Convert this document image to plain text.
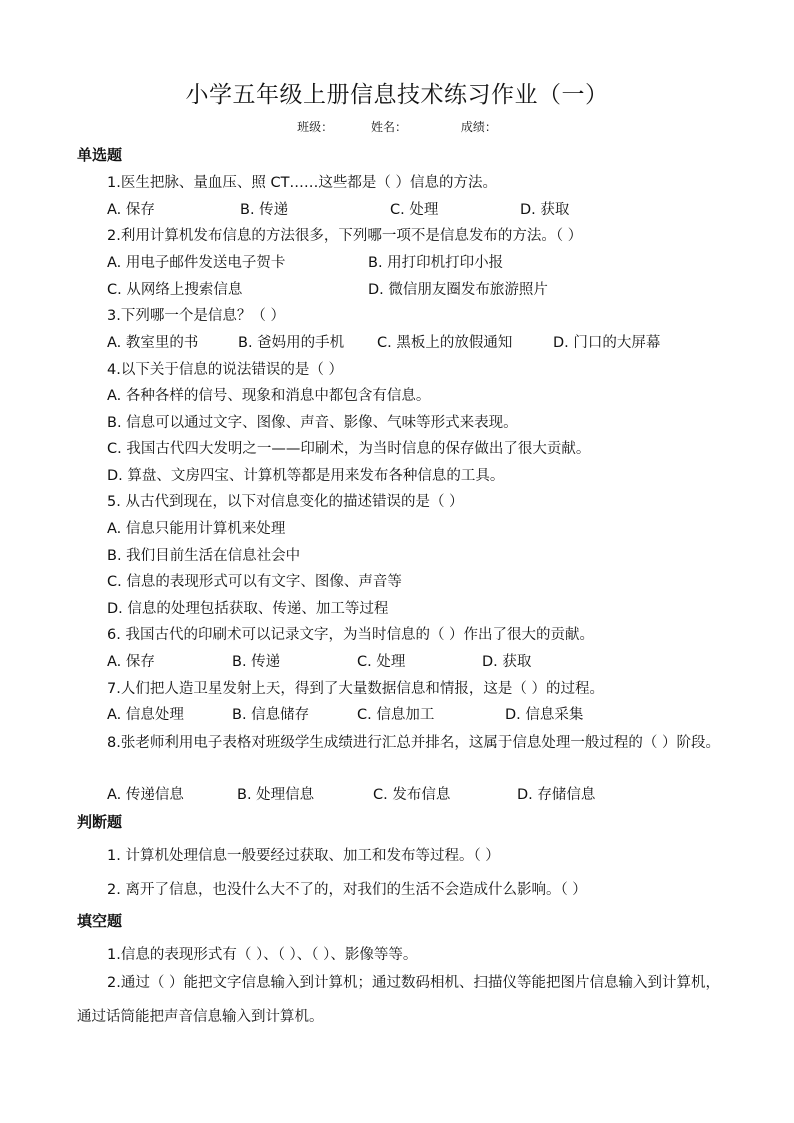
小学五年级上册信息技术练习作业（一）
班级：	姓名：	成绩：
单选题
1.医生把脉、量血压、照 CT……这些都是（ ）信息的方法。
A. 保存	B. 传递	C. 处理	D. 获取
2.利用计算机发布信息的方法很多，下列哪一项不是信息发布的方法。（ ）
A. 用电子邮件发送电子贺卡	B. 用打印机打印小报
C. 从网络上搜索信息	D. 微信朋友圈发布旅游照片
3.下列哪一个是信息？（ ）
A. 教室里的书	B. 爸妈用的手机 C. 黑板上的放假通知	D. 门口的大屏幕
4.以下关于信息的说法错误的是（ ）
A. 各种各样的信号、现象和消息中都包含有信息。
B. 信息可以通过文字、图像、声音、影像、气味等形式来表现。
C. 我国古代四大发明之一——印刷术，为当时信息的保存做出了很大贡献。
D. 算盘、文房四宝、计算机等都是用来发布各种信息的工具。
5. 从古代到现在，以下对信息变化的描述错误的是（ ）
A. 信息只能用计算机来处理
B. 我们目前生活在信息社会中
C. 信息的表现形式可以有文字、图像、声音等
D. 信息的处理包括获取、传递、加工等过程
6. 我国古代的印刷术可以记录文字，为当时信息的（ ）作出了很大的贡献。
A. 保存	B. 传递	C. 处理	D. 获取
7.人们把人造卫星发射上天，得到了大量数据信息和情报，这是（ ）的过程。
A. 信息处理	B. 信息储存	C. 信息加工	D. 信息采集
8.张老师利用电子表格对班级学生成绩进行汇总并排名，这属于信息处理一般过程的（ ）阶段。
A. 传递信息	B. 处理信息	C. 发布信息	D. 存储信息
判断题
1. 计算机处理信息一般要经过获取、加工和发布等过程。（ ）
2. 离开了信息，也没什么大不了的，对我们的生活不会造成什么影响。（ ）
填空题
1.信息的表现形式有（ ）、（ ）、（ ）、影像等等。
2.通过（ ）能把文字信息输入到计算机；通过数码相机、扫描仪等能把图片信息输入到计算机，通过话筒能把声音信息输入到计算机。
